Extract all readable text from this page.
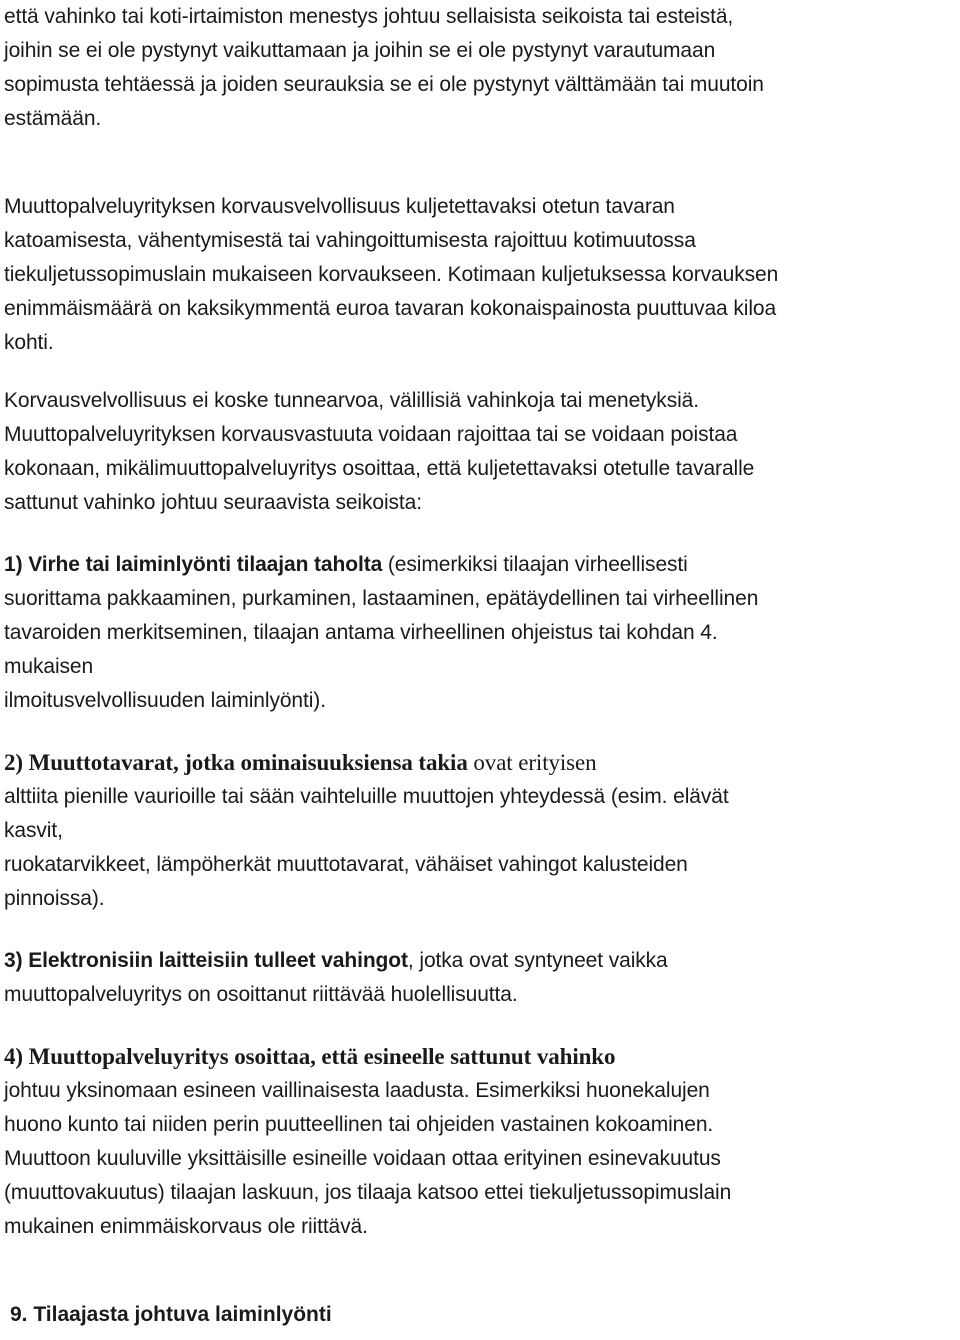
että vahinko tai koti-irtaimiston menestys johtuu sellaisista seikoista tai esteistä,
joihin se ei ole pystynyt vaikuttamaan ja joihin se ei ole pystynyt varautumaan
sopimusta tehtäessä ja joiden seurauksia se ei ole pystynyt välttämään tai muutoin
estämään.
Muuttopalveluyrityksen korvausvelvollisuus kuljetettavaksi otetun tavaran
katoamisesta, vähentymisestä tai vahingoittumisesta rajoittuu kotimuutossa
tiekuljetussopimuslain mukaiseen korvaukseen. Kotimaan kuljetuksessa korvauksen
enimmäismäärä on kaksikymmentä euroa tavaran kokonaispainosta puuttuvaa kiloa
kohti.
Korvausvelvollisuus ei koske tunnearvoa, välillisiä vahinkoja tai menetyksiä.
Muuttopalveluyrityksen korvausvastuuta voidaan rajoittaa tai se voidaan poistaa
kokonaan, mikälimuuttopalveluyritys osoittaa, että kuljetettavaksi otetulle tavaralle
sattunut vahinko johtuu seuraavista seikoista:
1) Virhe tai laiminlyönti tilaajan taholta (esimerkiksi tilaajan virheellisesti
suorittama pakkaaminen, purkaminen, lastaaminen, epätäydellinen tai virheellinen
tavaroiden merkitseminen, tilaajan antama virheellinen ohjeistus tai kohdan 4.
mukaisen
ilmoitusvelvollisuuden laiminlyönti).
2) Muuttotavarat, jotka ominaisuuksiensa takia ovat erityisen
alttiita pienille vaurioille tai sään vaihteluille muuttojen yhteydessä (esim. elävät
kasvit,
ruokatarvikkeet, lämpöherkät muuttotavarat, vähäiset vahingot kalusteiden
pinnoissa).
3) Elektronisiin laitteisiin tulleet vahingot, jotka ovat syntyneet vaikka
muuttopalveluyritys on osoittanut riittävää huolellisuutta.
4) Muuttopalveluyritys osoittaa, että esineelle sattunut vahinko
johtuu yksinomaan esineen vaillinaisesta laadusta. Esimerkiksi huonekalujen
huono kunto tai niiden perin puutteellinen tai ohjeiden vastainen kokoaminen.
Muuttoon kuuluville yksittäisille esineille voidaan ottaa erityinen esinevakuutus
(muuttovakuutus) tilaajan laskuun, jos tilaaja katsoo ettei tiekuljetussopimuslain
mukainen enimmäiskorvaus ole riittävä.
9. Tilaajasta johtuva laiminlyönti
